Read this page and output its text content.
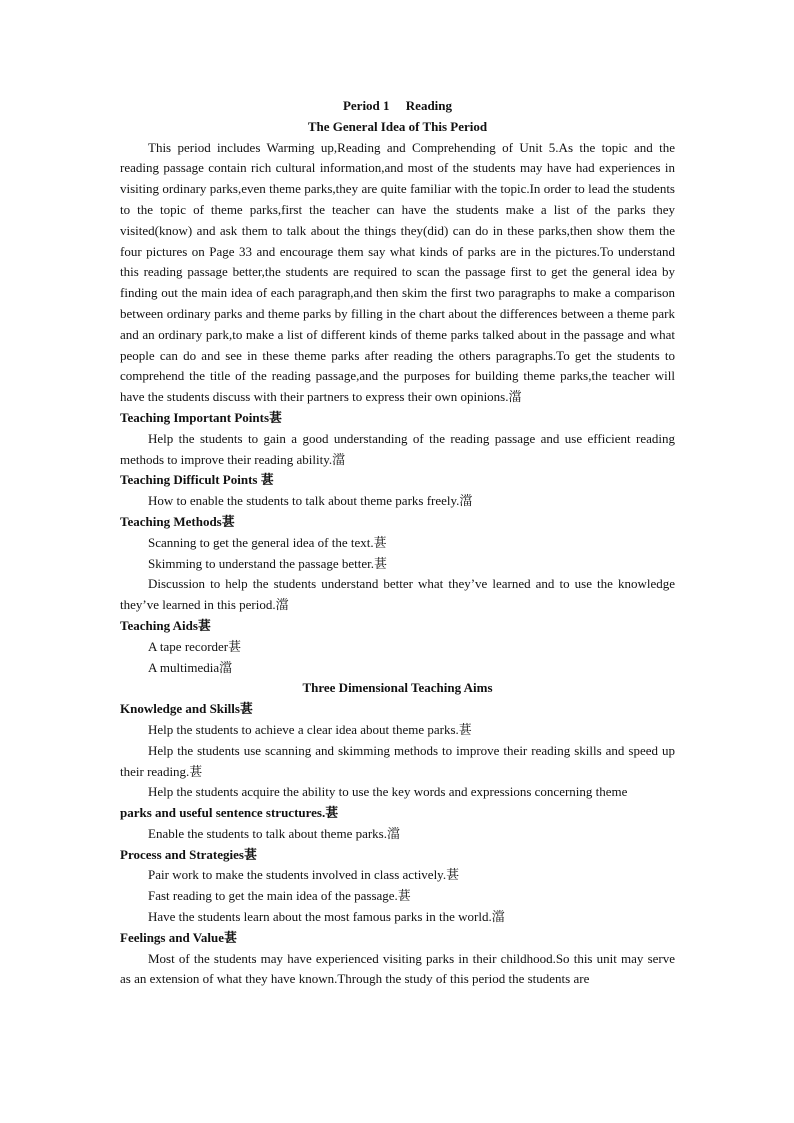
Period 1　 Reading
The General Idea of This Period

This period includes Warming up,Reading and Comprehending of Unit 5.As the topic and the reading passage contain rich cultural information,and most of the students may have had experiences in visiting ordinary parks,even theme parks,they are quite familiar with the topic.In order to lead the students to the topic of theme parks,first the teacher can have the students make a list of the parks they visited(know) and ask them to talk about the things they(did) can do in these parks,then show them the four pictures on Page 33 and encourage them say what kinds of parks are in the pictures.To understand this reading passage better,the students are required to scan the passage first to get the general idea by finding out the main idea of each paragraph,and then skim the first two paragraphs to make a comparison between ordinary parks and theme parks by filling in the chart about the differences between a theme park and an ordinary park,to make a list of different kinds of theme parks talked about in the passage and what people can do and see in these theme parks after reading the others paragraphs.To get the students to comprehend the title of the reading passage,and the purposes for building theme parks,the teacher will have the students discuss with their partners to express their own opinions.澢

Teaching Important Points葚

Help the students to gain a good understanding of the reading passage and use efficient reading methods to improve their reading ability.澢

Teaching Difficult Points 葚

How to enable the students to talk about theme parks freely.澢

Teaching Methods葚

Scanning to get the general idea of the text.葚

Skimming to understand the passage better.葚

Discussion to help the students understand better what they’ve learned and to use the knowledge they’ve learned in this period.澢

Teaching Aids葚

A tape recorder葚

A multimedia澢

Three Dimensional Teaching Aims

Knowledge and Skills葚

Help the students to achieve a clear idea about theme parks.葚

Help the students use scanning and skimming methods to improve their reading skills and speed up their reading.葚

Help the students acquire the ability to use the key words and expressions concerning theme

parks and useful sentence structures.葚

Enable the students to talk about theme parks.澢

Process and Strategies葚

Pair work to make the students involved in class actively.葚

Fast reading to get the main idea of the passage.葚

Have the students learn about the most famous parks in the world.澢

Feelings and Value葚

Most of the students may have experienced visiting parks in their childhood.So this unit may serve as an extension of what they have known.Through the study of this period the students are
